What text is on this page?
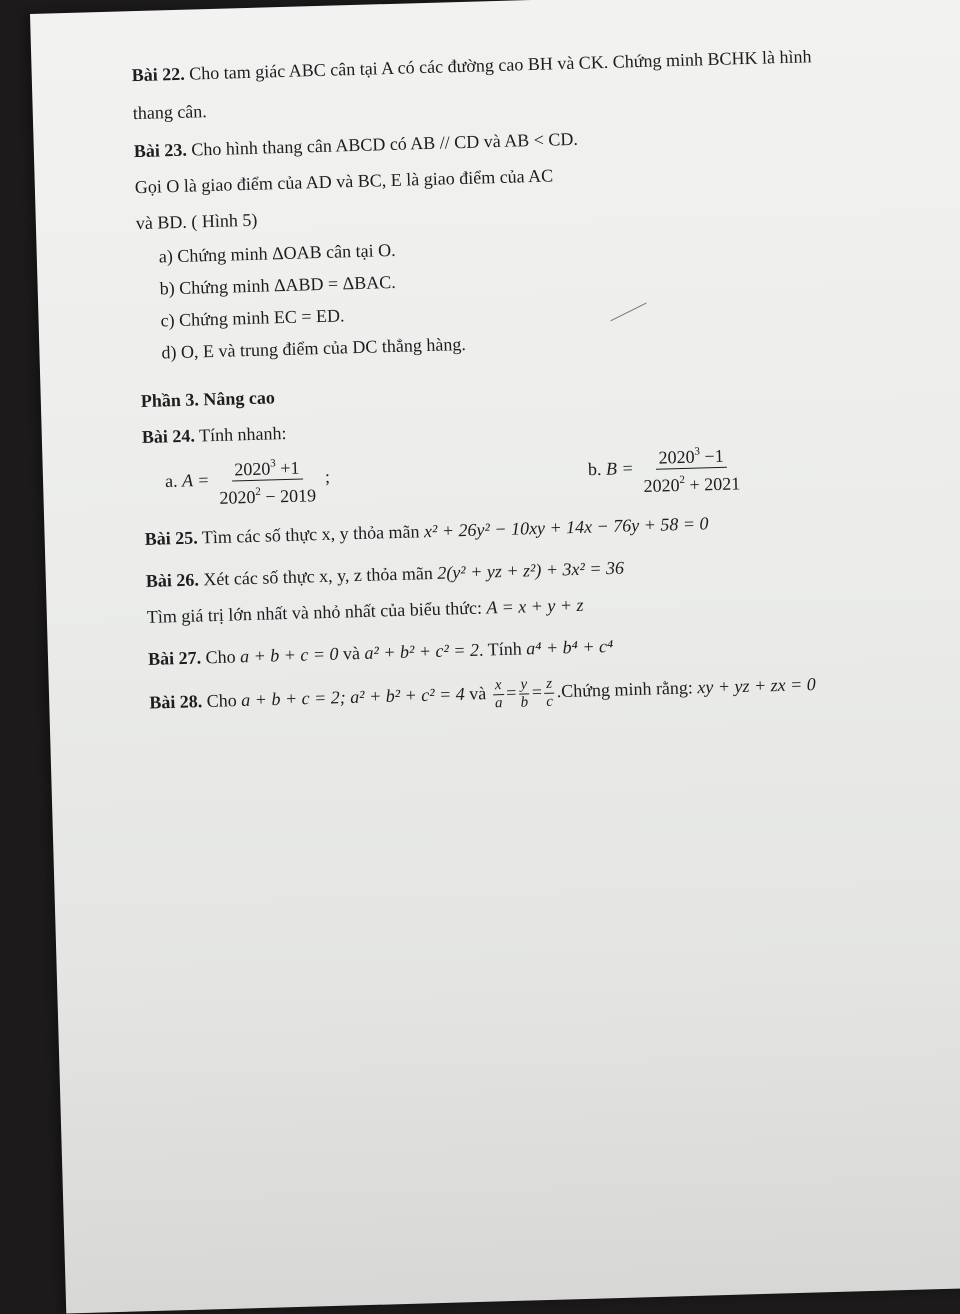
Bài 22. Cho tam giác ABC cân tại A có các đường cao BH và CK. Chứng minh BCHK là hình
thang cân.
Bài 23. Cho hình thang cân ABCD có AB // CD và AB < CD.
Gọi O là giao điểm của AD và BC, E là giao điểm của AC
và BD. ( Hình 5)
a) Chứng minh ΔOAB cân tại O.
b) Chứng minh ΔABD = ΔBAC.
c) Chứng minh EC = ED.
d) O, E và trung điểm của DC thẳng hàng.
Phần 3. Nâng cao
Bài 24. Tính nhanh:
a. $A = \frac{2020^3 +1}{2020^2 - 2019}$ ;	b. $B = \frac{2020^3 -1}{2020^2 + 2021}$
Bài 25. Tìm các số thực x, y thỏa mãn x² + 26y² − 10xy + 14x − 76y + 58 = 0
Bài 26. Xét các số thực x, y, z thỏa mãn 2(y² + yz + z²) + 3x² = 36
Tìm giá trị lớn nhất và nhỏ nhất của biểu thức: A = x + y + z
Bài 27. Cho a + b + c = 0 và a² + b² + c² = 2. Tính a⁴ + b⁴ + c⁴
Bài 28. Cho a + b + c = 2; a² + b² + c² = 4 và $\frac{x}{a} = \frac{y}{b} = \frac{z}{c}$ .Chứng minh rằng: xy + yz + zx = 0
